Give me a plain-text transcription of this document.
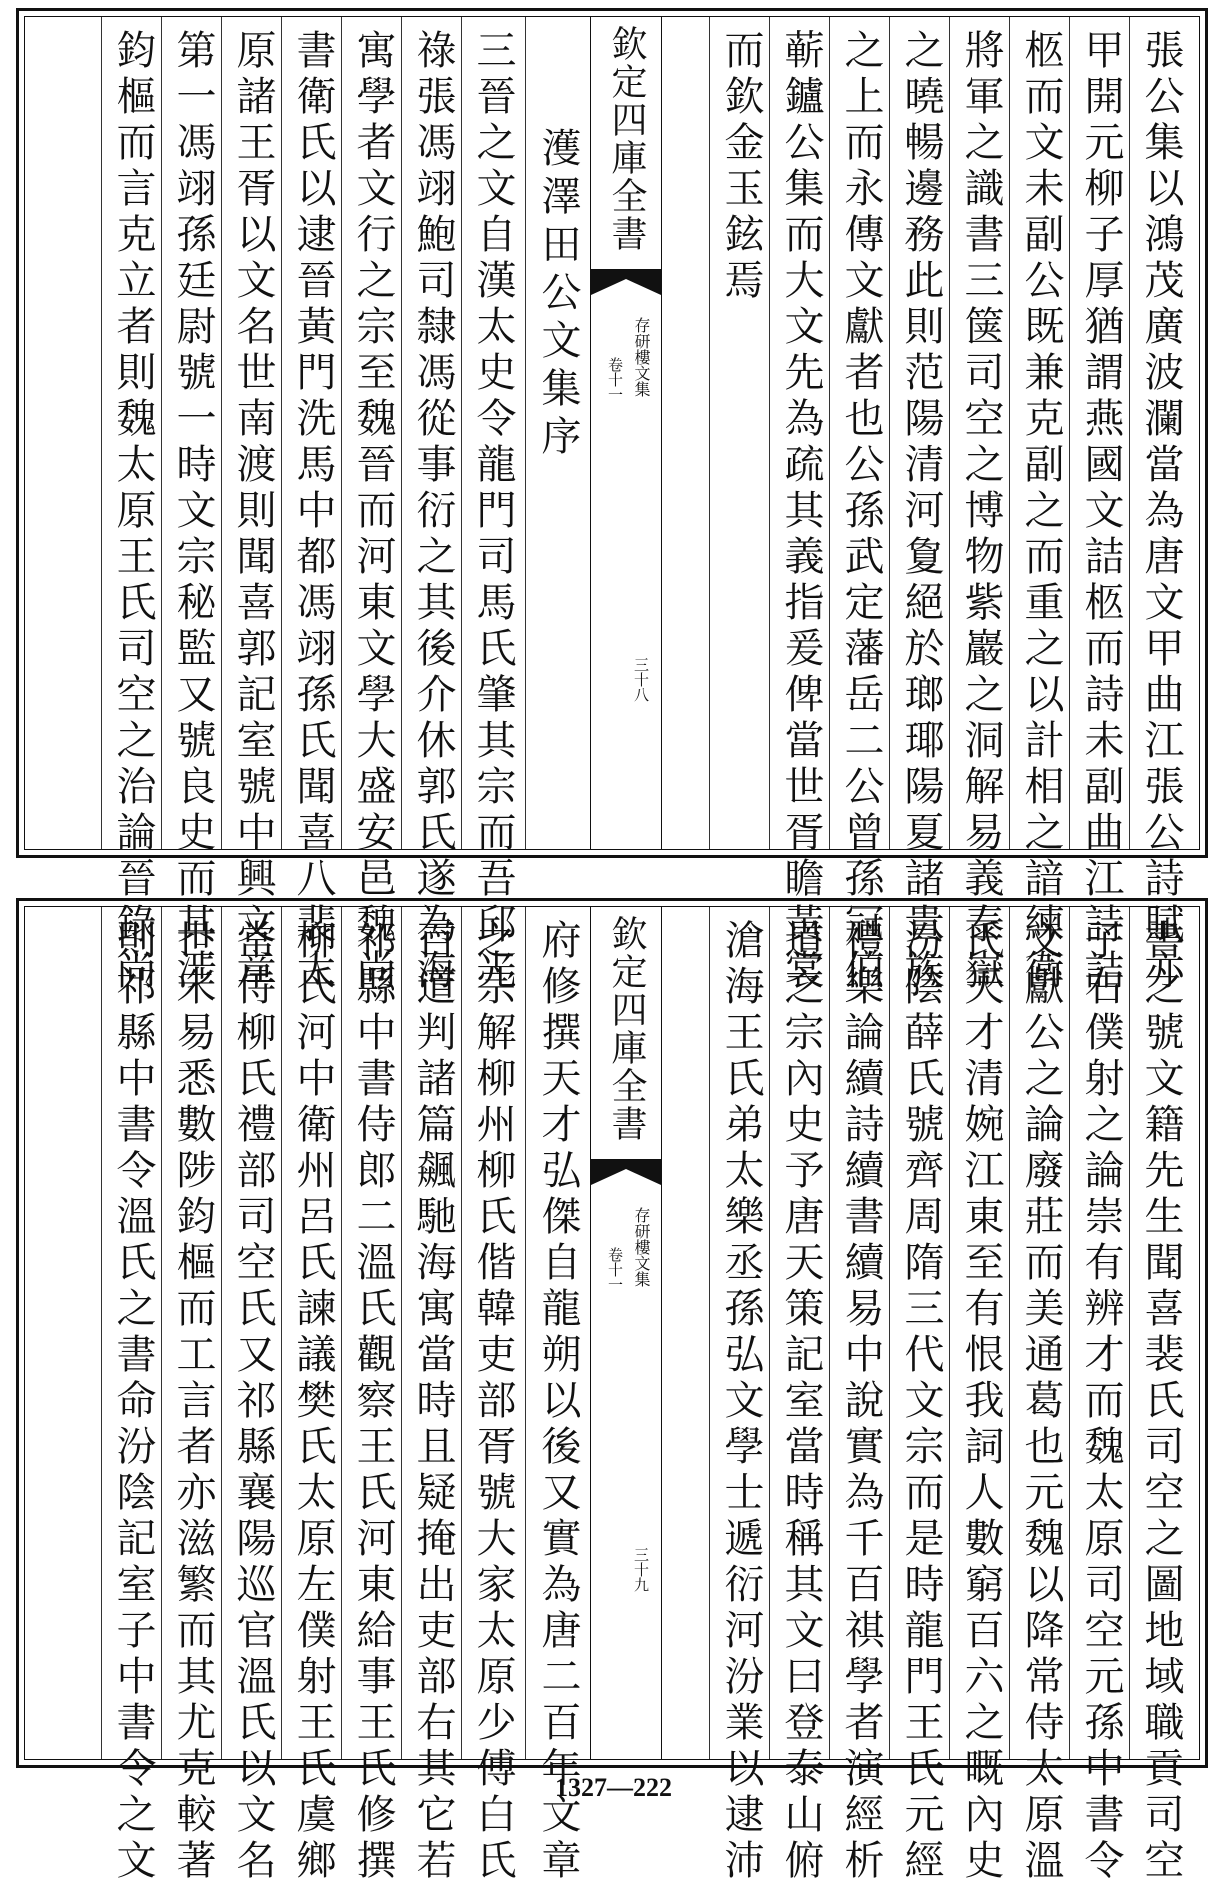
張公集以鴻茂廣波瀾當為唐文甲曲江張公詩賦亦
甲開元柳子厚猶謂燕國文詰柩而詩未副曲江詩詰
柩而文未副公既兼克副之而重之以計相之諳練衛
將軍之識書三箧司空之博物紫巖之洞解易義泰嶽
之曉暢邊務此則范陽清河夐絕於瑯瑘陽夏諸貴族
之上而永傳文獻者也公孫武定藩岳二公曾孫冠伯
蕲鑪公集而大文先為疏其義指爰俾當世胥瞻黃裳
而欽金玉鉉焉
欽定四庫全書
存研樓文集
卷十一
三十八
濩澤田公文集序
三晉之文自漢太史令龍門司馬氏肇其宗而吾邱光
祿張馮翊鮑司隸馮從事衍之其後介休郭氏遂為海
寓學者文行之宗至魏晉而河東文學大盛安邑魏尚
書衛氏以逮晉黃門洗馬中都馮翊孫氏聞喜八裴太
原諸王胥以文名世南渡則聞喜郭記室號中興文章
第一馮翊孫廷尉號一時文宗秘監又號良史而其涉
鈞樞而言克立者則魏太原王氏司空之治論晉錄尚
書之號文籍先生聞喜裴氏司空之圖地域職貢司空
子右僕射之論崇有辨才而魏太原司空元孫中書令
文獻公之論廢莊而美通葛也元魏以降常侍太原溫
氏天才清婉江東至有恨我詞人數窮百六之嘅內史
汾陰薛氏號齊周隋三代文宗而是時龍門王氏元經
禮樂論續詩續書續易中說實為千百祺學者演經析
道之宗內史予唐天策記室當時稱其文曰登泰山俯
滄海王氏弟太樂丞孫弘文學士遞衍河汾業以逮沛
欽定四庫全書
存研樓文集
卷十一
三十九
府修撰天才弘傑自龍朔以後又實為唐二百年文章
之宗解柳州柳氏偕韓吏部胥號大家太原少傅白氏
百道判諸篇飆馳海寓當時且疑掩出吏部右其它若
祁縣中書侍郎二溫氏觀察王氏河東給事王氏修撰
柳氏河中衛州呂氏諫議樊氏太原左僕射王氏虞鄉
常侍柳氏禮部司空氏又祁縣襄陽巡官溫氏以文名
世未易悉數陟鈞樞而工言者亦滋繁而其尤克較著
則祁縣中書令溫氏之書命汾陰記室子中書令之文	1327—222
